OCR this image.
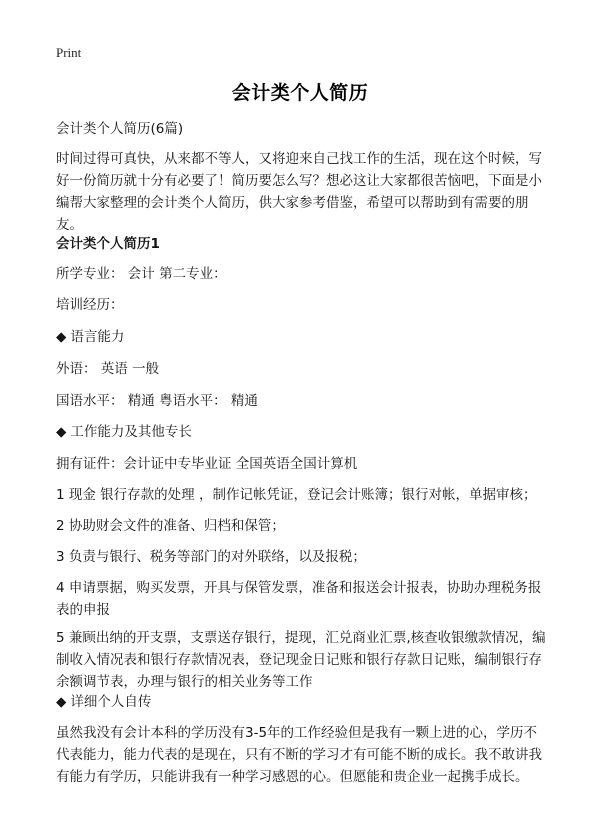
Print
会计类个人简历
会计类个人简历(6篇)
时间过得可真快，从来都不等人，又将迎来自己找工作的生活，现在这个时候，写好一份简历就十分有必要了！简历要怎么写？想必这让大家都很苦恼吧，下面是小编帮大家整理的会计类个人简历，供大家参考借鉴，希望可以帮助到有需要的朋友。
会计类个人简历1
所学专业： 会计 第二专业：
培训经历：
◆ 语言能力
外语： 英语 一般
国语水平： 精通 粤语水平： 精通
◆ 工作能力及其他专长
拥有证件：会计证中专毕业证 全国英语全国计算机
1 现金 银行存款的处理 ，制作记帐凭证，登记会计账簿；银行对帐，单据审核；
2 协助财会文件的准备、归档和保管；
3 负责与银行、税务等部门的对外联络，以及报税；
4 申请票据，购买发票，开具与保管发票，准备和报送会计报表，协助办理税务报表的申报
5 兼顾出纳的开支票，支票送存银行，提现，汇兑商业汇票,核查收银缴款情况，编制收入情况表和银行存款情况表，登记现金日记账和银行存款日记账，编制银行存余额调节表，办理与银行的相关业务等工作
◆ 详细个人自传
虽然我没有会计本科的学历没有3-5年的工作经验但是我有一颗上进的心，学历不代表能力，能力代表的是现在，只有不断的学习才有可能不断的成长。我不敢讲我有能力有学历，只能讲我有一种学习感恩的心。但愿能和贵企业一起携手成长。
